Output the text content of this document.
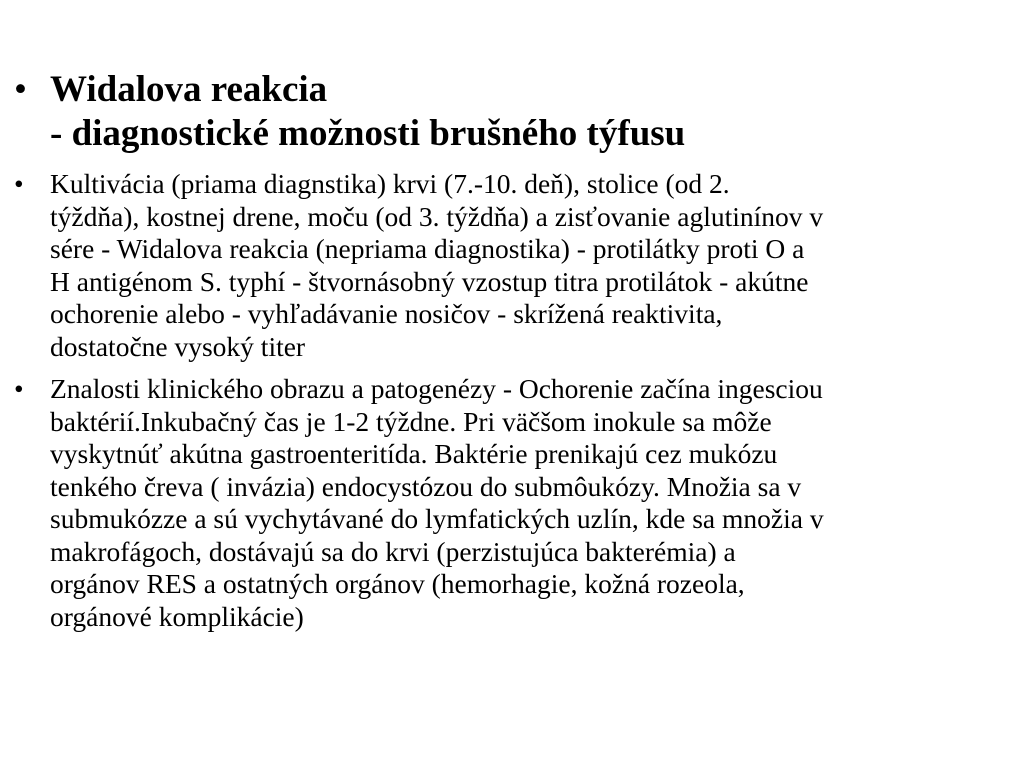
• Widalova reakcia
- diagnostické možnosti brušného týfusu
• Kultivácia (priama diagnstika) krvi (7.-10. deň), stolice (od 2.
týždňa), kostnej drene, moču (od 3. týždňa) a zisťovanie aglutinínov v
sére - Widalova reakcia (nepriama diagnostika) - protilátky proti O a
H antigénom S. typhí - štvornásobný vzostup titra protilátok - akútne
ochorenie alebo - vyhľadávanie nosičov - skrížená reaktivita,
dostatočne vysoký titer
• Znalosti klinického obrazu a patogenézy - Ochorenie začína ingesciou
baktérií.Inkubačný čas je 1-2 týždne. Pri väčšom inokule sa môže
vyskytnúť akútna gastroenteritída. Baktérie prenikajú cez mukózu
tenkého čreva ( invázia) endocystózou do submôukózy. Množia sa v
submukózze a sú vychytávané do lymfatických uzlín, kde sa množia v
makrofágoch, dostávajú sa do krvi (perzistujúca bakterémia) a
orgánov RES a ostatných orgánov (hemorhagie, kožná rozeola,
orgánové komplikácie)
